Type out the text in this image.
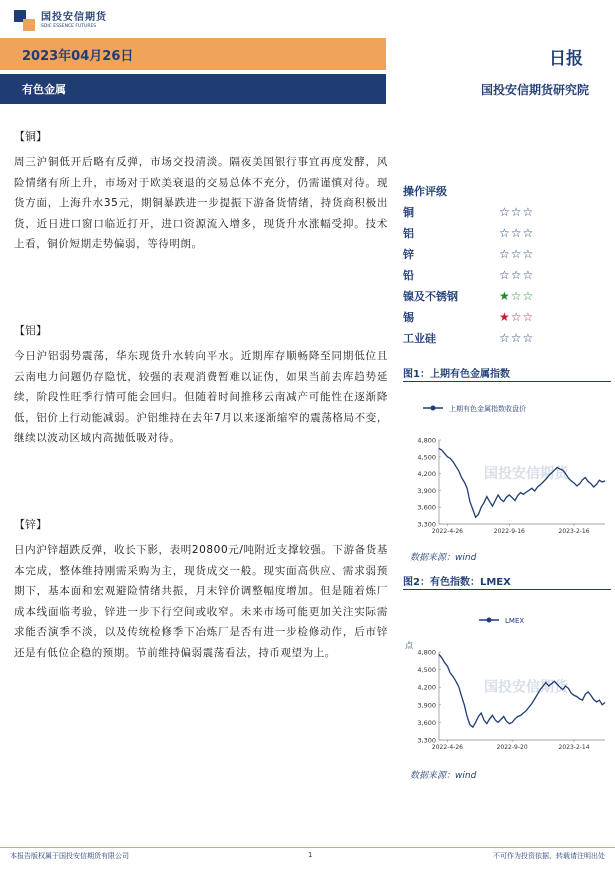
国投安信期货
SDIC ESSENCE FUTURES
2023年04月26日	日报
有色金属	国投安信期货研究院
【铜】
周三沪铜低开后略有反弹，市场交投清淡。隔夜美国银行事宜再度发酵，风险情绪有所上升，市场对于欧美衰退的交易总体不充分，仍需谨慎对待。现货方面，上海升水35元，期铜暴跌进一步提振下游备货情绪，持货商积极出货，近日进口窗口临近打开，进口资源流入增多，现货升水涨幅受抑。技术上看，铜价短期走势偏弱，等待明朗。
【铝】
今日沪铝弱势震荡，华东现货升水转向平水。近期库存顺畅降至同期低位且云南电力问题仍存隐忧，较强的表观消费暂难以证伪，如果当前去库趋势延续，阶段性旺季行情可能会回归。但随着时间推移云南减产可能性在逐渐降低，铝价上行动能减弱。沪铝维持在去年7月以来逐渐缩窄的震荡格局不变，继续以波动区域内高抛低吸对待。
【锌】
日内沪锌超跌反弹，收长下影，表明20800元/吨附近支撑较强。下游备货基本完成，整体维持刚需采购为主，现货成交一般。现实面高供应、需求弱预期下，基本面和宏观避险情绪共振，月末锌价调整幅度增加。但是随着炼厂成本线面临考验，锌进一步下行空间或收窄。未来市场可能更加关注实际需求能否演季不淡，以及传统检修季下冶炼厂是否有进一步检修动作，后市锌还是有低位企稳的预期。节前维持偏弱震荡看法，持币观望为上。
操作评级
铜	☆☆☆
铝	☆☆☆
锌	☆☆☆
铅	☆☆☆
镍及不锈钢	★☆☆
锡	★☆☆
工业硅	☆☆☆
图1：上期有色金属指数
上期有色金属指数收盘价
国投安信期货
3,300
3,600
3,900
4,200
4,500
4,800
2022-4-26	2022-9-16	2023-2-16
数据来源：wind
图2：有色指数：LMEX
LMEX
点
国投安信期货
3,300
3,600
3,900
4,200
4,500
4,800
2022-4-26	2022-9-20	2023-2-14
数据来源：wind
本报告版权属于国投安信期货有限公司	1	不可作为投资依据，转载请注明出处
